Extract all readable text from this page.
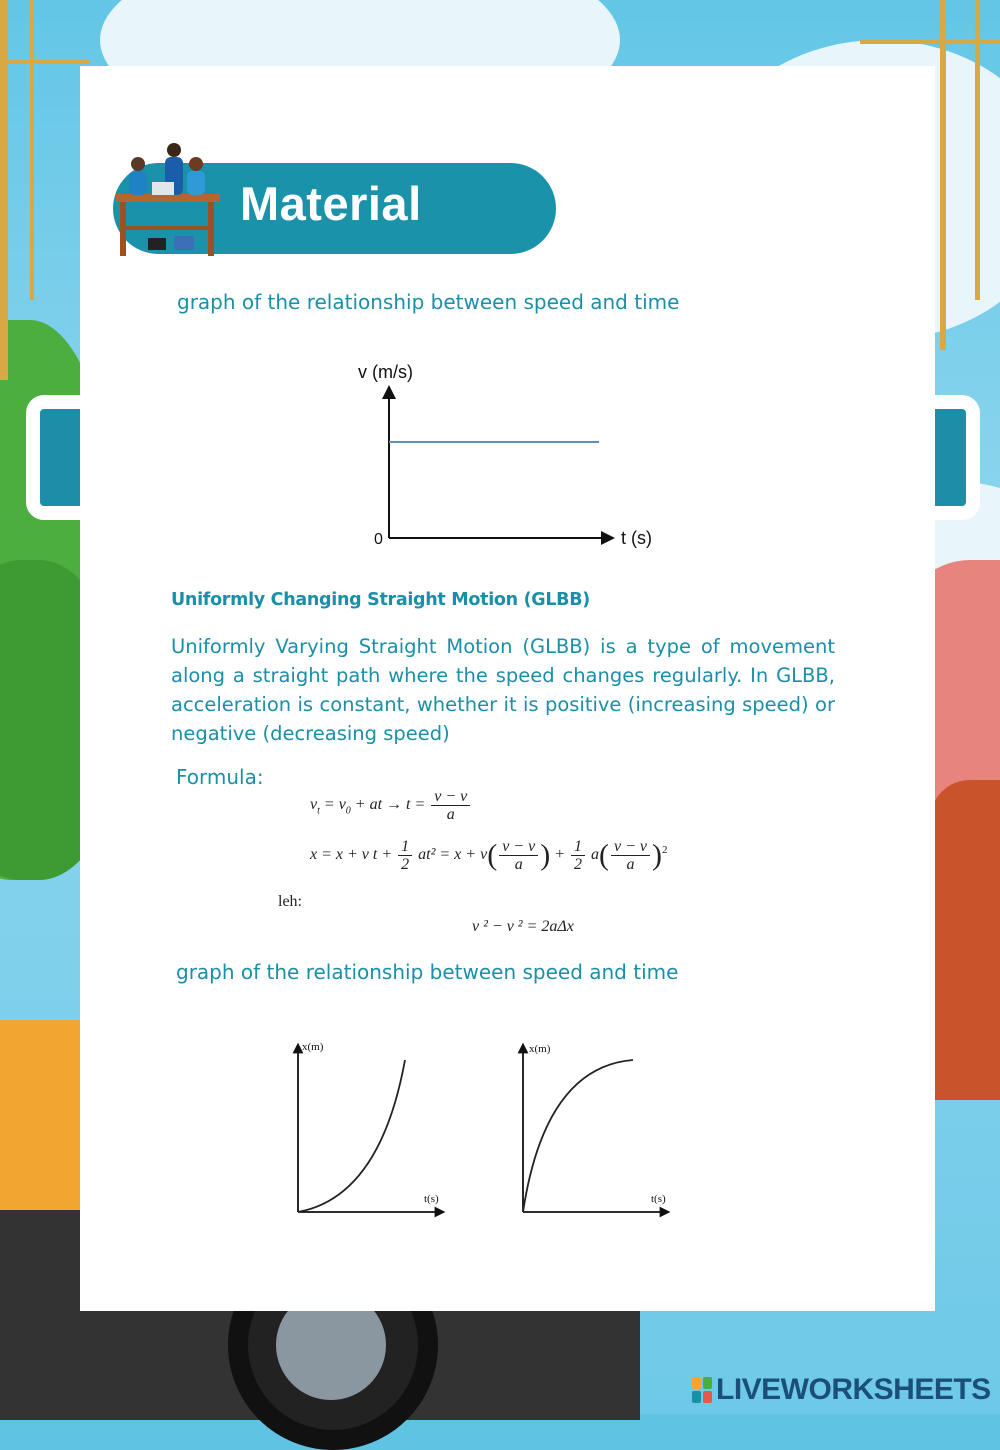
Material
graph of the relationship between speed and time
v (m/s)
t (s)
0
Uniformly Changing Straight Motion (GLBB)
Uniformly Varying Straight Motion (GLBB) is a type of movement along a straight path where the speed changes regularly. In GLBB, acceleration is constant, whether it is positive (increasing speed) or negative (decreasing speed)
Formula:
$v_t = v_0$ + at → $t = \frac{v - v}{a}$
x = x + v $t + \frac{1}{2} at^2 = x + v( \frac{v - v}{a}$ ) + $\frac{1}{2} a( \frac{v - v}{a} )^2$
leh:
v ² − v ² = 2aΔx
graph of the relationship between speed and time
x(m)
t(s)
x(m)
t(s)
LIVEWORKSHEETS
